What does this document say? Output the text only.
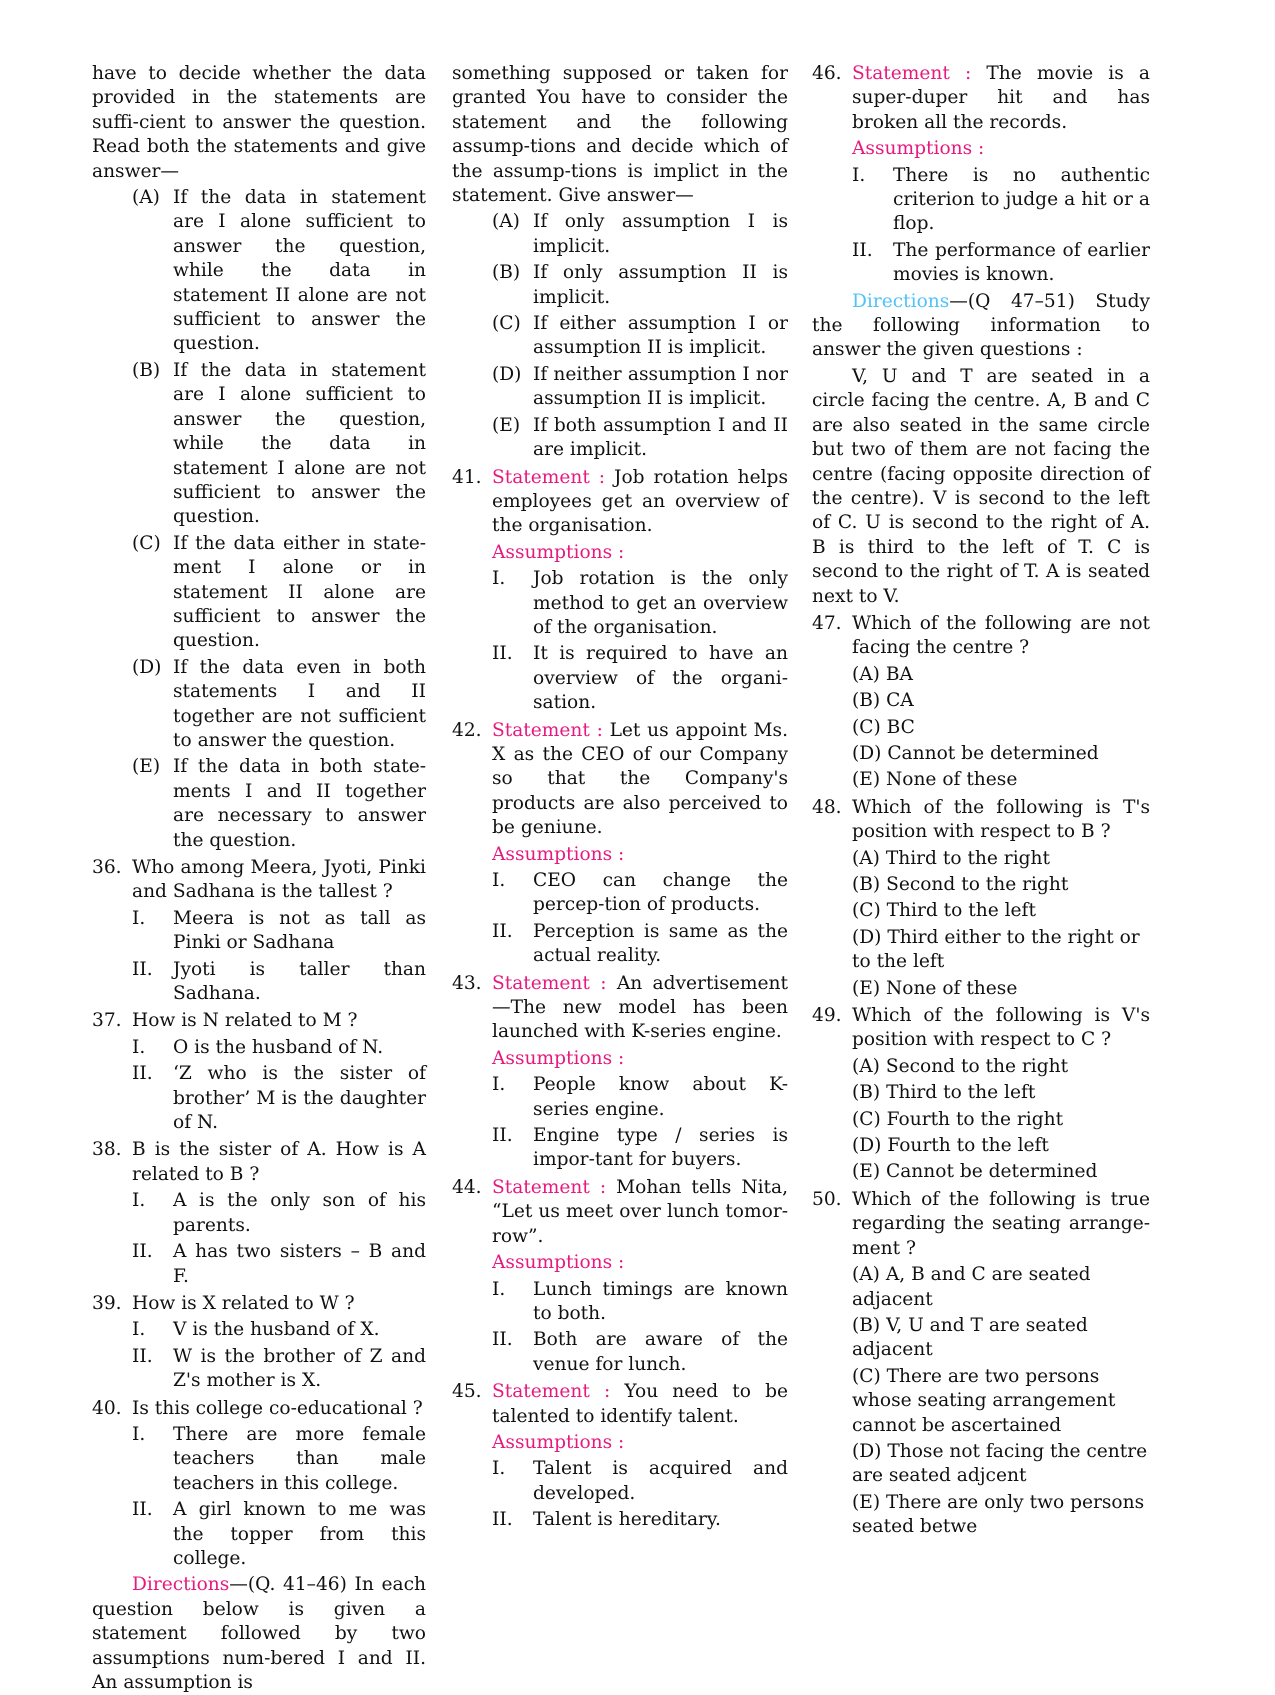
have to decide whether the data provided in the statements are suffi-cient to answer the question. Read both the statements and give answer—

(A) If the data in statement are I alone sufficient to answer the question, while the data in statement II alone are not sufficient to answer the question.
(B) If the data in statement are I alone sufficient to answer the question, while the data in statement I alone are not sufficient to answer the question.
(C) If the data either in state-ment I alone or in statement II alone are sufficient to answer the question.
(D) If the data even in both statements I and II together are not sufficient to answer the question.
(E) If the data in both state-ments I and II together are necessary to answer the question.
36. Who among Meera, Jyoti, Pinki and Sadhana is the tallest ?
I. Meera is not as tall as Pinki or Sadhana
II. Jyoti is taller than Sadhana.
37. How is N related to M ?
I. O is the husband of N.
II. ‘Z who is the sister of brother’ M is the daughter of N.
38. B is the sister of A. How is A related to B ?
I. A is the only son of his parents.
II. A has two sisters – B and F.
39. How is X related to W ?
I. V is the husband of X.
II. W is the brother of Z and Z's mother is X.
40. Is this college co-educational ?
I. There are more female teachers than male teachers in this college.
II. A girl known to me was the topper from this college.

Directions—(Q. 41–46) In each question below is given a statement followed by two assumptions num-bered I and II. An assumption is

something supposed or taken for granted You have to consider the statement and the following assump-tions and decide which of the assump-tions is implict in the statement. Give answer—

(A) If only assumption I is implicit.
(B) If only assumption II is implicit.
(C) If either assumption I or assumption II is implicit.
(D) If neither assumption I nor assumption II is implicit.
(E) If both assumption I and II are implicit.
41. Statement : Job rotation helps employees get an overview of the organisation.
Assumptions :
I. Job rotation is the only method to get an overview of the organisation.
II. It is required to have an overview of the organi-sation.
42. Statement : Let us appoint Ms. X as the CEO of our Company so that the Company's products are also perceived to be geniune.
Assumptions :
I. CEO can change the percep-tion of products.
II. Perception is same as the actual reality.
43. Statement : An advertisement—The new model has been launched with K-series engine.
Assumptions :
I. People know about K-series engine.
II. Engine type / series is impor-tant for buyers.
44. Statement : Mohan tells Nita, “Let us meet over lunch tomor-row”.
Assumptions :
I. Lunch timings are known to both.
II. Both are aware of the venue for lunch.
45. Statement : You need to be talented to identify talent.
Assumptions :
I. Talent is acquired and developed.
II. Talent is hereditary.
46. Statement : The movie is a super-duper hit and has broken all the records.
Assumptions :
I. There is no authentic criterion to judge a hit or a flop.
II. The performance of earlier movies is known.

Directions—(Q 47–51) Study the following information to answer the given questions :

V, U and T are seated in a circle facing the centre. A, B and C are also seated in the same circle but two of them are not facing the centre (facing opposite direction of the centre). V is second to the left of C. U is second to the right of A. B is third to the left of T. C is second to the right of T. A is seated next to V.

47. Which of the following are not facing the centre ?
(A) BA
(B) CA
(C) BC
(D) Cannot be determined
(E) None of these
48. Which of the following is T's position with respect to B ?
(A) Third to the right
(B) Second to the right
(C) Third to the left
(D) Third either to the right or to the left
(E) None of these
49. Which of the following is V's position with respect to C ?
(A) Second to the right
(B) Third to the left
(C) Fourth to the right
(D) Fourth to the left
(E) Cannot be determined
50. Which of the following is true regarding the seating arrange-ment ?
(A) A, B and C are seated adjacent
(B) V, U and T are seated adjacent
(C) There are two persons whose seating arrangement cannot be ascertained
(D) Those not facing the centre are seated adjcent
(E) There are only two persons seated betwe
